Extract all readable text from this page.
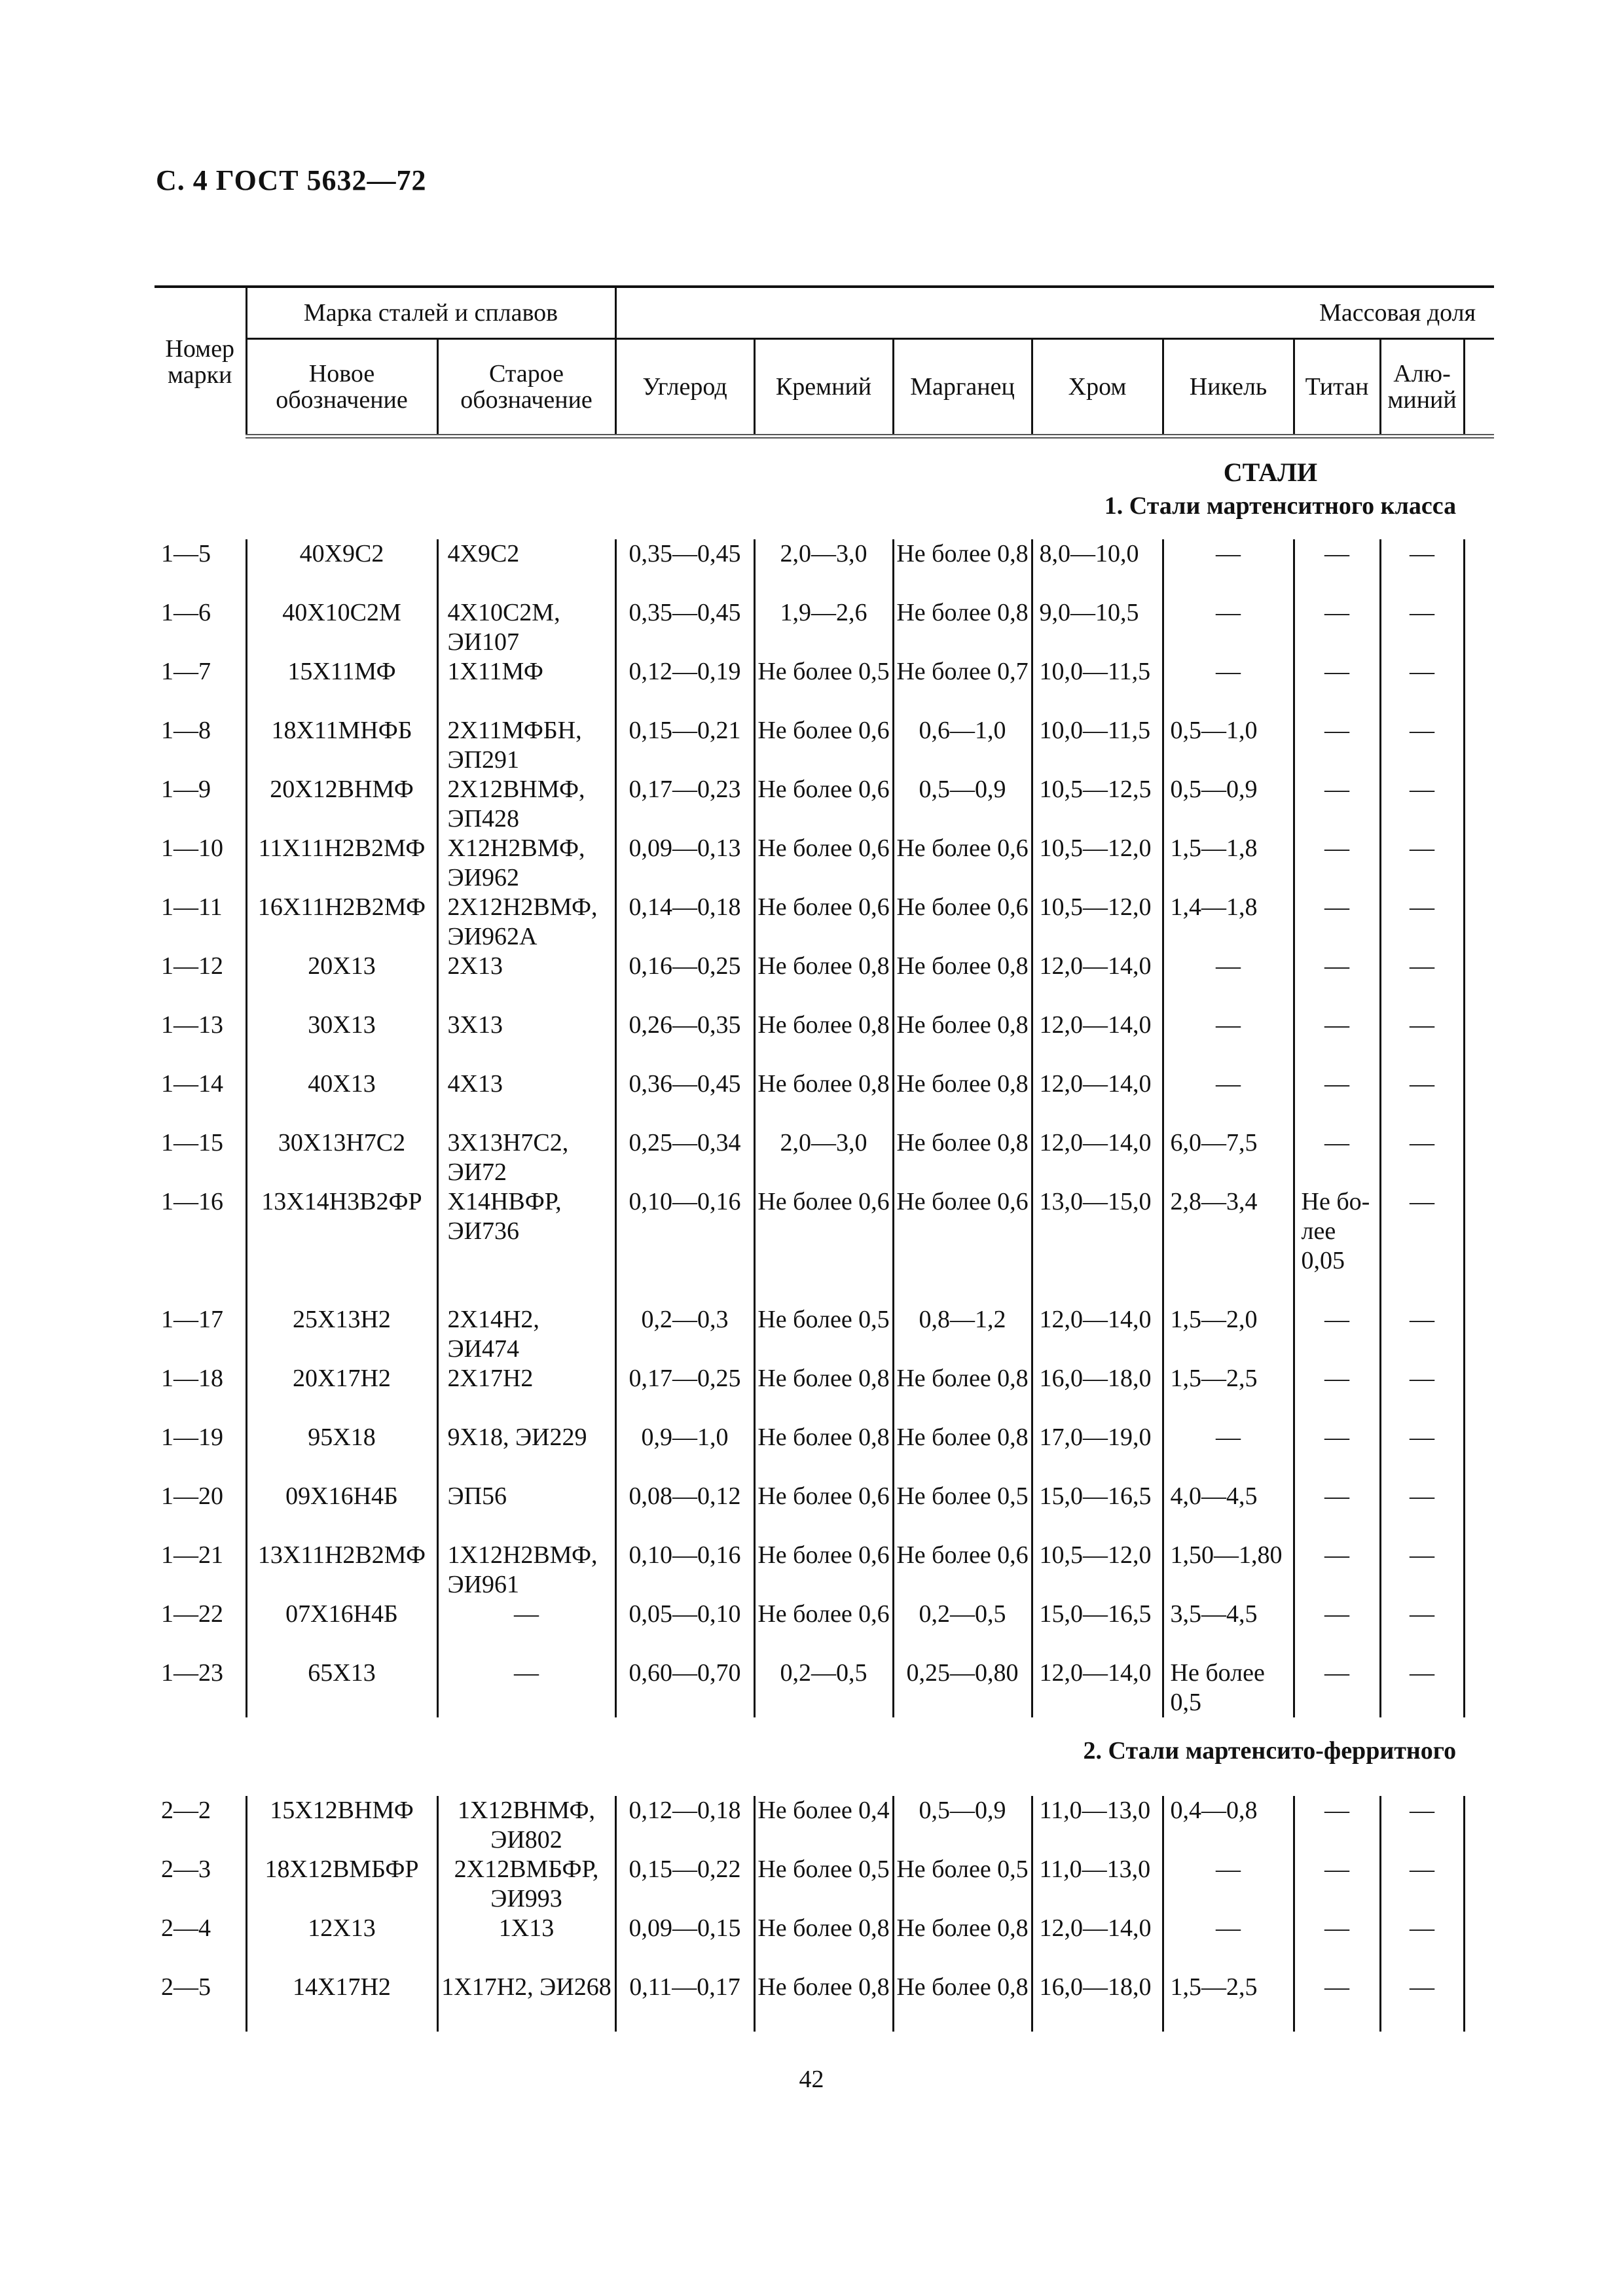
С. 4 ГОСТ 5632—72
Номер марки	Марка сталей и сплавов		Массовая доля							
	Новое обозначение	Старое обозначение	Углерод	Кремний	Марганец	Хром	Никель	Титан	Алю-миний	
СТАЛИ										
1. Стали мартенситного класса										

1—5	40Х9С2	4Х9С2	0,35—0,45	2,0—3,0	Не более 0,8	8,0—10,0	—	—	—	
1—6	40Х10С2М	4Х10С2М, ЭИ107	0,35—0,45	1,9—2,6	Не более 0,8	9,0—10,5	—	—	—	
1—7	15Х11МФ	1Х11МФ	0,12—0,19	Не более 0,5	Не более 0,7	10,0—11,5	—	—	—	
1—8	18Х11МНФБ	2Х11МФБН, ЭП291	0,15—0,21	Не более 0,6	0,6—1,0	10,0—11,5	0,5—1,0	—	—	
1—9	20Х12ВНМФ	2Х12ВНМФ, ЭП428	0,17—0,23	Не более 0,6	0,5—0,9	10,5—12,5	0,5—0,9	—	—	
1—10	11Х11Н2В2МФ	Х12Н2ВМФ, ЭИ962	0,09—0,13	Не более 0,6	Не более 0,6	10,5—12,0	1,5—1,8	—	—	
1—11	16Х11Н2В2МФ	2Х12Н2ВМФ, ЭИ962А	0,14—0,18	Не более 0,6	Не более 0,6	10,5—12,0	1,4—1,8	—	—	
1—12	20Х13	2Х13	0,16—0,25	Не более 0,8	Не более 0,8	12,0—14,0	—	—	—	
1—13	30Х13	3Х13	0,26—0,35	Не более 0,8	Не более 0,8	12,0—14,0	—	—	—	
1—14	40Х13	4Х13	0,36—0,45	Не более 0,8	Не более 0,8	12,0—14,0	—	—	—	
1—15	30Х13Н7С2	3Х13Н7С2, ЭИ72	0,25—0,34	2,0—3,0	Не более 0,8	12,0—14,0	6,0—7,5	—	—	
1—16	13Х14Н3В2ФР	Х14НВФР, ЭИ736	0,10—0,16	Не более 0,6	Не более 0,6	13,0—15,0	2,8—3,4	Не бо-лее 0,05	—	
1—17	25Х13Н2	2Х14Н2, ЭИ474	0,2—0,3	Не более 0,5	0,8—1,2	12,0—14,0	1,5—2,0	—	—	
1—18	20Х17Н2	2Х17Н2	0,17—0,25	Не более 0,8	Не более 0,8	16,0—18,0	1,5—2,5	—	—	
1—19	95Х18	9Х18, ЭИ229	0,9—1,0	Не более 0,8	Не более 0,8	17,0—19,0	—	—	—	
1—20	09Х16Н4Б	ЭП56	0,08—0,12	Не более 0,6	Не более 0,5	15,0—16,5	4,0—4,5	—	—	
1—21	13Х11Н2В2МФ	1Х12Н2ВМФ, ЭИ961	0,10—0,16	Не более 0,6	Не более 0,6	10,5—12,0	1,50—1,80	—	—	
1—22	07Х16Н4Б	—	0,05—0,10	Не более 0,6	0,2—0,5	15,0—16,5	3,5—4,5	—	—	
1—23	65Х13	—	0,60—0,70	0,2—0,5	0,25—0,80	12,0—14,0	Не более 0,5	—	—	

2. Стали мартенсито-ферритного										

2—2	15Х12ВНМФ	1Х12ВНМФ, ЭИ802	0,12—0,18	Не более 0,4	0,5—0,9	11,0—13,0	0,4—0,8	—	—	
2—3	18Х12ВМБФР	2Х12ВМБФР, ЭИ993	0,15—0,22	Не более 0,5	Не более 0,5	11,0—13,0	—	—	—	
2—4	12Х13	1Х13	0,09—0,15	Не более 0,8	Не более 0,8	12,0—14,0	—	—	—	
2—5	14Х17Н2	1Х17Н2, ЭИ268	0,11—0,17	Не более 0,8	Не более 0,8	16,0—18,0	1,5—2,5	—	—	
42
